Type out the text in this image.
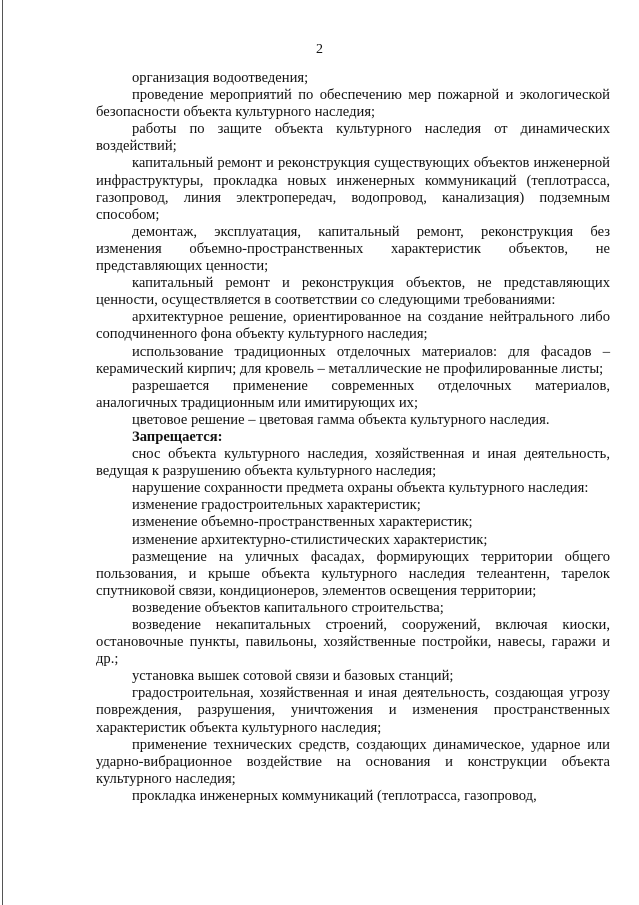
2

организация водоотведения;

проведение мероприятий по обеспечению мер пожарной и экологической безопасности объекта культурного наследия;

работы по защите объекта культурного наследия от динамических воздействий;

капитальный ремонт и реконструкция существующих объектов инженерной инфраструктуры, прокладка новых инженерных коммуникаций (теплотрасса, газопровод, линия электропередач, водопровод, канализация) подземным способом;

демонтаж, эксплуатация, капитальный ремонт, реконструкция без изменения объемно-пространственных характеристик объектов, не представляющих ценности;

капитальный ремонт и реконструкция объектов, не представляющих ценности, осуществляется в соответствии со следующими требованиями:

архитектурное решение, ориентированное на создание нейтрального либо соподчиненного фона объекту культурного наследия;

использование традиционных отделочных материалов: для фасадов – керамический кирпич; для кровель – металлические не профилированные листы;

разрешается применение современных отделочных материалов, аналогичных традиционным или имитирующих их;

цветовое решение – цветовая гамма объекта культурного наследия.

Запрещается:

снос объекта культурного наследия, хозяйственная и иная деятельность, ведущая к разрушению объекта культурного наследия;

нарушение сохранности предмета охраны объекта культурного наследия:

изменение градостроительных характеристик;

изменение объемно-пространственных характеристик;

изменение архитектурно-стилистических характеристик;

размещение на уличных фасадах, формирующих территории общего пользования, и крыше объекта культурного наследия телеантенн, тарелок спутниковой связи, кондиционеров, элементов освещения территории;

возведение объектов капитального строительства;

возведение некапитальных строений, сооружений, включая киоски, остановочные пункты, павильоны, хозяйственные постройки, навесы, гаражи и др.;

установка вышек сотовой связи и базовых станций;

градостроительная, хозяйственная и иная деятельность, создающая угрозу повреждения, разрушения, уничтожения и изменения пространственных характеристик объекта культурного наследия;

применение технических средств, создающих динамическое, ударное или ударно-вибрационное воздействие на основания и конструкции объекта культурного наследия;

прокладка инженерных коммуникаций (теплотрасса, газопровод,
